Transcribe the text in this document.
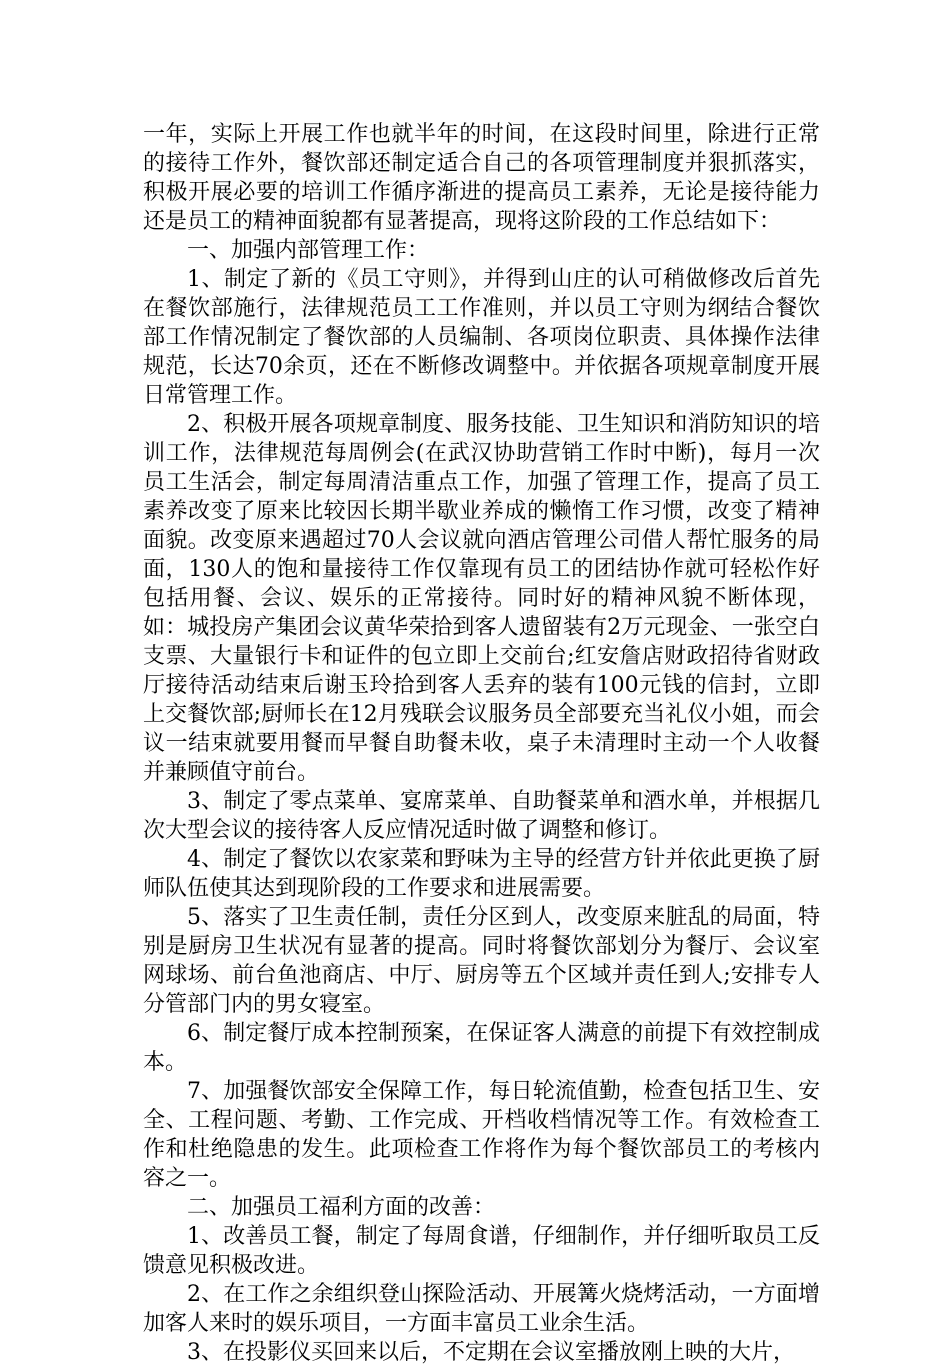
一年，实际上开展工作也就半年的时间，在这段时间里，除进行正常的接待工作外，餐饮部还制定适合自己的各项管理制度并狠抓落实，积极开展必要的培训工作循序渐进的提高员工素养，无论是接待能力还是员工的精神面貌都有显著提高，现将这阶段的工作总结如下：

一、加强内部管理工作：

1、制定了新的《员工守则》，并得到山庄的认可稍做修改后首先在餐饮部施行，法律规范员工工作准则，并以员工守则为纲结合餐饮部工作情况制定了餐饮部的人员编制、各项岗位职责、具体操作法律规范，长达70余页，还在不断修改调整中。并依据各项规章制度开展日常管理工作。

2、积极开展各项规章制度、服务技能、卫生知识和消防知识的培训工作，法律规范每周例会(在武汉协助营销工作时中断)，每月一次员工生活会，制定每周清洁重点工作，加强了管理工作，提高了员工素养改变了原来比较因长期半歇业养成的懒惰工作习惯，改变了精神面貌。改变原来遇超过70人会议就向酒店管理公司借人帮忙服务的局面，130人的饱和量接待工作仅靠现有员工的团结协作就可轻松作好包括用餐、会议、娱乐的正常接待。同时好的精神风貌不断体现，如：城投房产集团会议黄华荣拾到客人遗留装有2万元现金、一张空白支票、大量银行卡和证件的包立即上交前台;红安詹店财政招待省财政厅接待活动结束后谢玉玲拾到客人丢弃的装有100元钱的信封，立即上交餐饮部;厨师长在12月残联会议服务员全部要充当礼仪小姐，而会议一结束就要用餐而早餐自助餐未收，桌子未清理时主动一个人收餐并兼顾值守前台。

3、制定了零点菜单、宴席菜单、自助餐菜单和酒水单，并根据几次大型会议的接待客人反应情况适时做了调整和修订。

4、制定了餐饮以农家菜和野味为主导的经营方针并依此更换了厨师队伍使其达到现阶段的工作要求和进展需要。

5、落实了卫生责任制，责任分区到人，改变原来脏乱的局面，特别是厨房卫生状况有显著的提高。同时将餐饮部划分为餐厅、会议室网球场、前台鱼池商店、中厅、厨房等五个区域并责任到人;安排专人分管部门内的男女寝室。

6、制定餐厅成本控制预案，在保证客人满意的前提下有效控制成本。

7、加强餐饮部安全保障工作，每日轮流值勤，检查包括卫生、安全、工程问题、考勤、工作完成、开档收档情况等工作。有效检查工作和杜绝隐患的发生。此项检查工作将作为每个餐饮部员工的考核内容之一。

二、加强员工福利方面的改善：

1、改善员工餐，制定了每周食谱，仔细制作，并仔细听取员工反馈意见积极改进。

2、在工作之余组织登山探险活动、开展篝火烧烤活动，一方面增加客人来时的娱乐项目，一方面丰富员工业余生活。

3、在投影仪买回来以后，不定期在会议室播放刚上映的大片，
